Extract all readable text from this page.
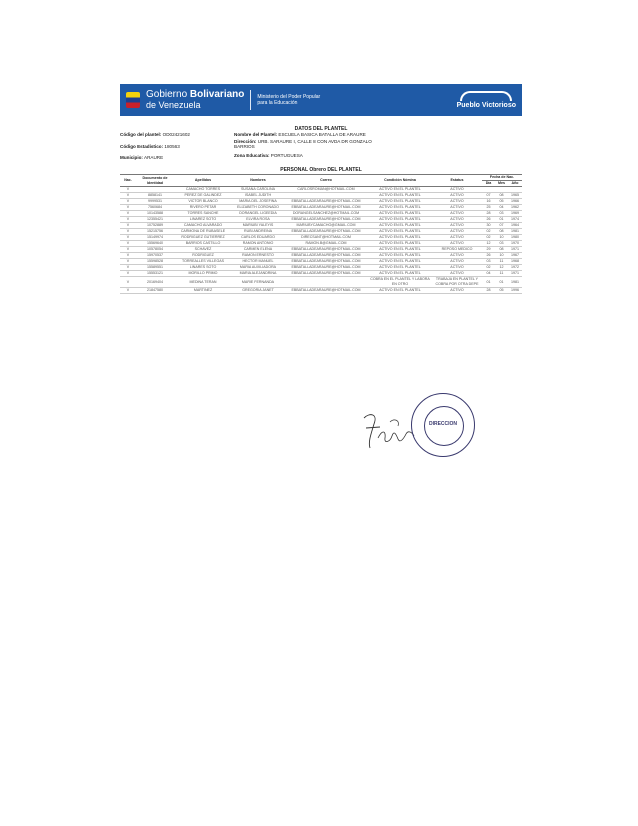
Gobierno Bolivariano
de Venezuela
Ministerio del Poder Popular
para la Educación	Pueblo Victorioso
DATOS DEL PLANTEL
Código del plantel: OD02421602
Código Estadístico: 180563
Municipio: ARAURE
Nombre del Plantel: ESCUELA BASICA BATALLA DE ARAURE
Dirección: URB. SARAURE I, CALLE 8 CON AVDA DR GONZALO
BARRIOS
Zona Educativa: PORTUGUESA
PERSONAL Obrero DEL PLANTEL
Nac.	Documento de Identidad	Apellidos	Nombres	Correo	Condición Nómina	Estatus	Fecha de Nac.		
							Día	Mes	Año
V		CAMACHO TORRES	SUSANA CAROLINA	CARLOSROMAN@HOTMAIL.COM	ACTIVO EN EL PLANTEL	ACTIVO			
V	8858141	PEREZ DE GALINDEZ	ISABEL JUDITH		ACTIVO EN EL PLANTEL	ACTIVO	07	08	1965
V	9999531	VICTOR BLANCO	MARIA DEL JOSEFINA	EBBATALLADEARAURE@HOTMAIL.COM	ACTIVO EN EL PLANTEL	ACTIVO	16	05	1966
V	7560684	RIVERO PETAR	ELIZABETH CORONADO	EBBATALLADEARAURE@HOTMAIL.COM	ACTIVO EN EL PLANTEL	ACTIVO	25	04	1962
V	10143588	TORRES SANCHE	DORANGEL LIGEEDIA	DORANGELSANCHEZ@HOTMAIL.COM	ACTIVO EN EL PLANTEL	ACTIVO	28	03	1969
V	12355421	LINAREZ SOTO	ELVIRA ROSA	EBBATALLADEARAURE@HOTMAIL.COM	ACTIVO EN EL PLANTEL	ACTIVO	26	01	1974
V	10752889	CAMACHO ALVARADO	MARIUBI YALEYIS	MARIUBYCAMACHO@GMAIL.COM	ACTIVO EN EL PLANTEL	ACTIVO	30	07	1964
V	15215756	CARMONA DE RUBASELE	RUBI ANDREINA	EBBATALLADEARAURE@HOTMAIL.COM	ACTIVO EN EL PLANTEL	ACTIVO	02	08	1981
V	15149974	RODRIGUEZ GUTIERREZ	CARLOS EDUARDO	DIRECSANT@HOTMAIL.COM	ACTIVO EN EL PLANTEL	ACTIVO	02	10	1980
V	15569640	BARRIOS CASTILLO	RAMON ANTONIO	RAMON.B@GMAIL.COM	ACTIVO EN EL PLANTEL	ACTIVO	12	03	1970
V	10578054	SCHAVEZ	CARMEN ELENA	EBBATALLADEARAURE@HOTMAIL.COM	ACTIVO EN EL PLANTEL	REPOSO MEDICO	29	08	1971
V	15970537	RODRIGUEZ	RAMON ERNESTO	EBBATALLADEARAURE@HOTMAIL.COM	ACTIVO EN EL PLANTEL	ACTIVO	26	10	1967
V	15598528	TORREALLES VILLEGAS	HECTOR MANUEL	EBBATALLADEARAURE@HOTMAIL.COM	ACTIVO EN EL PLANTEL	ACTIVO	03	11	1968
V	15589551	LINARES SOTO	MARIA AUXILIADORA	EBBATALLADEARAURE@HOTMAIL.COM	ACTIVO EN EL PLANTEL	ACTIVO	02	12	1972
V	15553121	MORILLO PRIMO	MARIA ALEJANDRINA	EBBATALLADEARAURE@HOTMAIL.COM	ACTIVO EN EL PLANTEL	ACTIVO	04	11	1971
V	20169404	MEDINA TERAN	MARIE FERNANDA		COBRA EN EL PLANTEL Y LABORA EN OTRO	TRABAJA EN PLANTEL Y COBRA POR OTRA DEPE	01	01	1981
V	21847580	MARTINEZ	GREGORIA JANET	EBBATALLADEARAURE@HOTMAIL.COM	ACTIVO EN EL PLANTEL	ACTIVO	28	05	1996
DIRECCION
